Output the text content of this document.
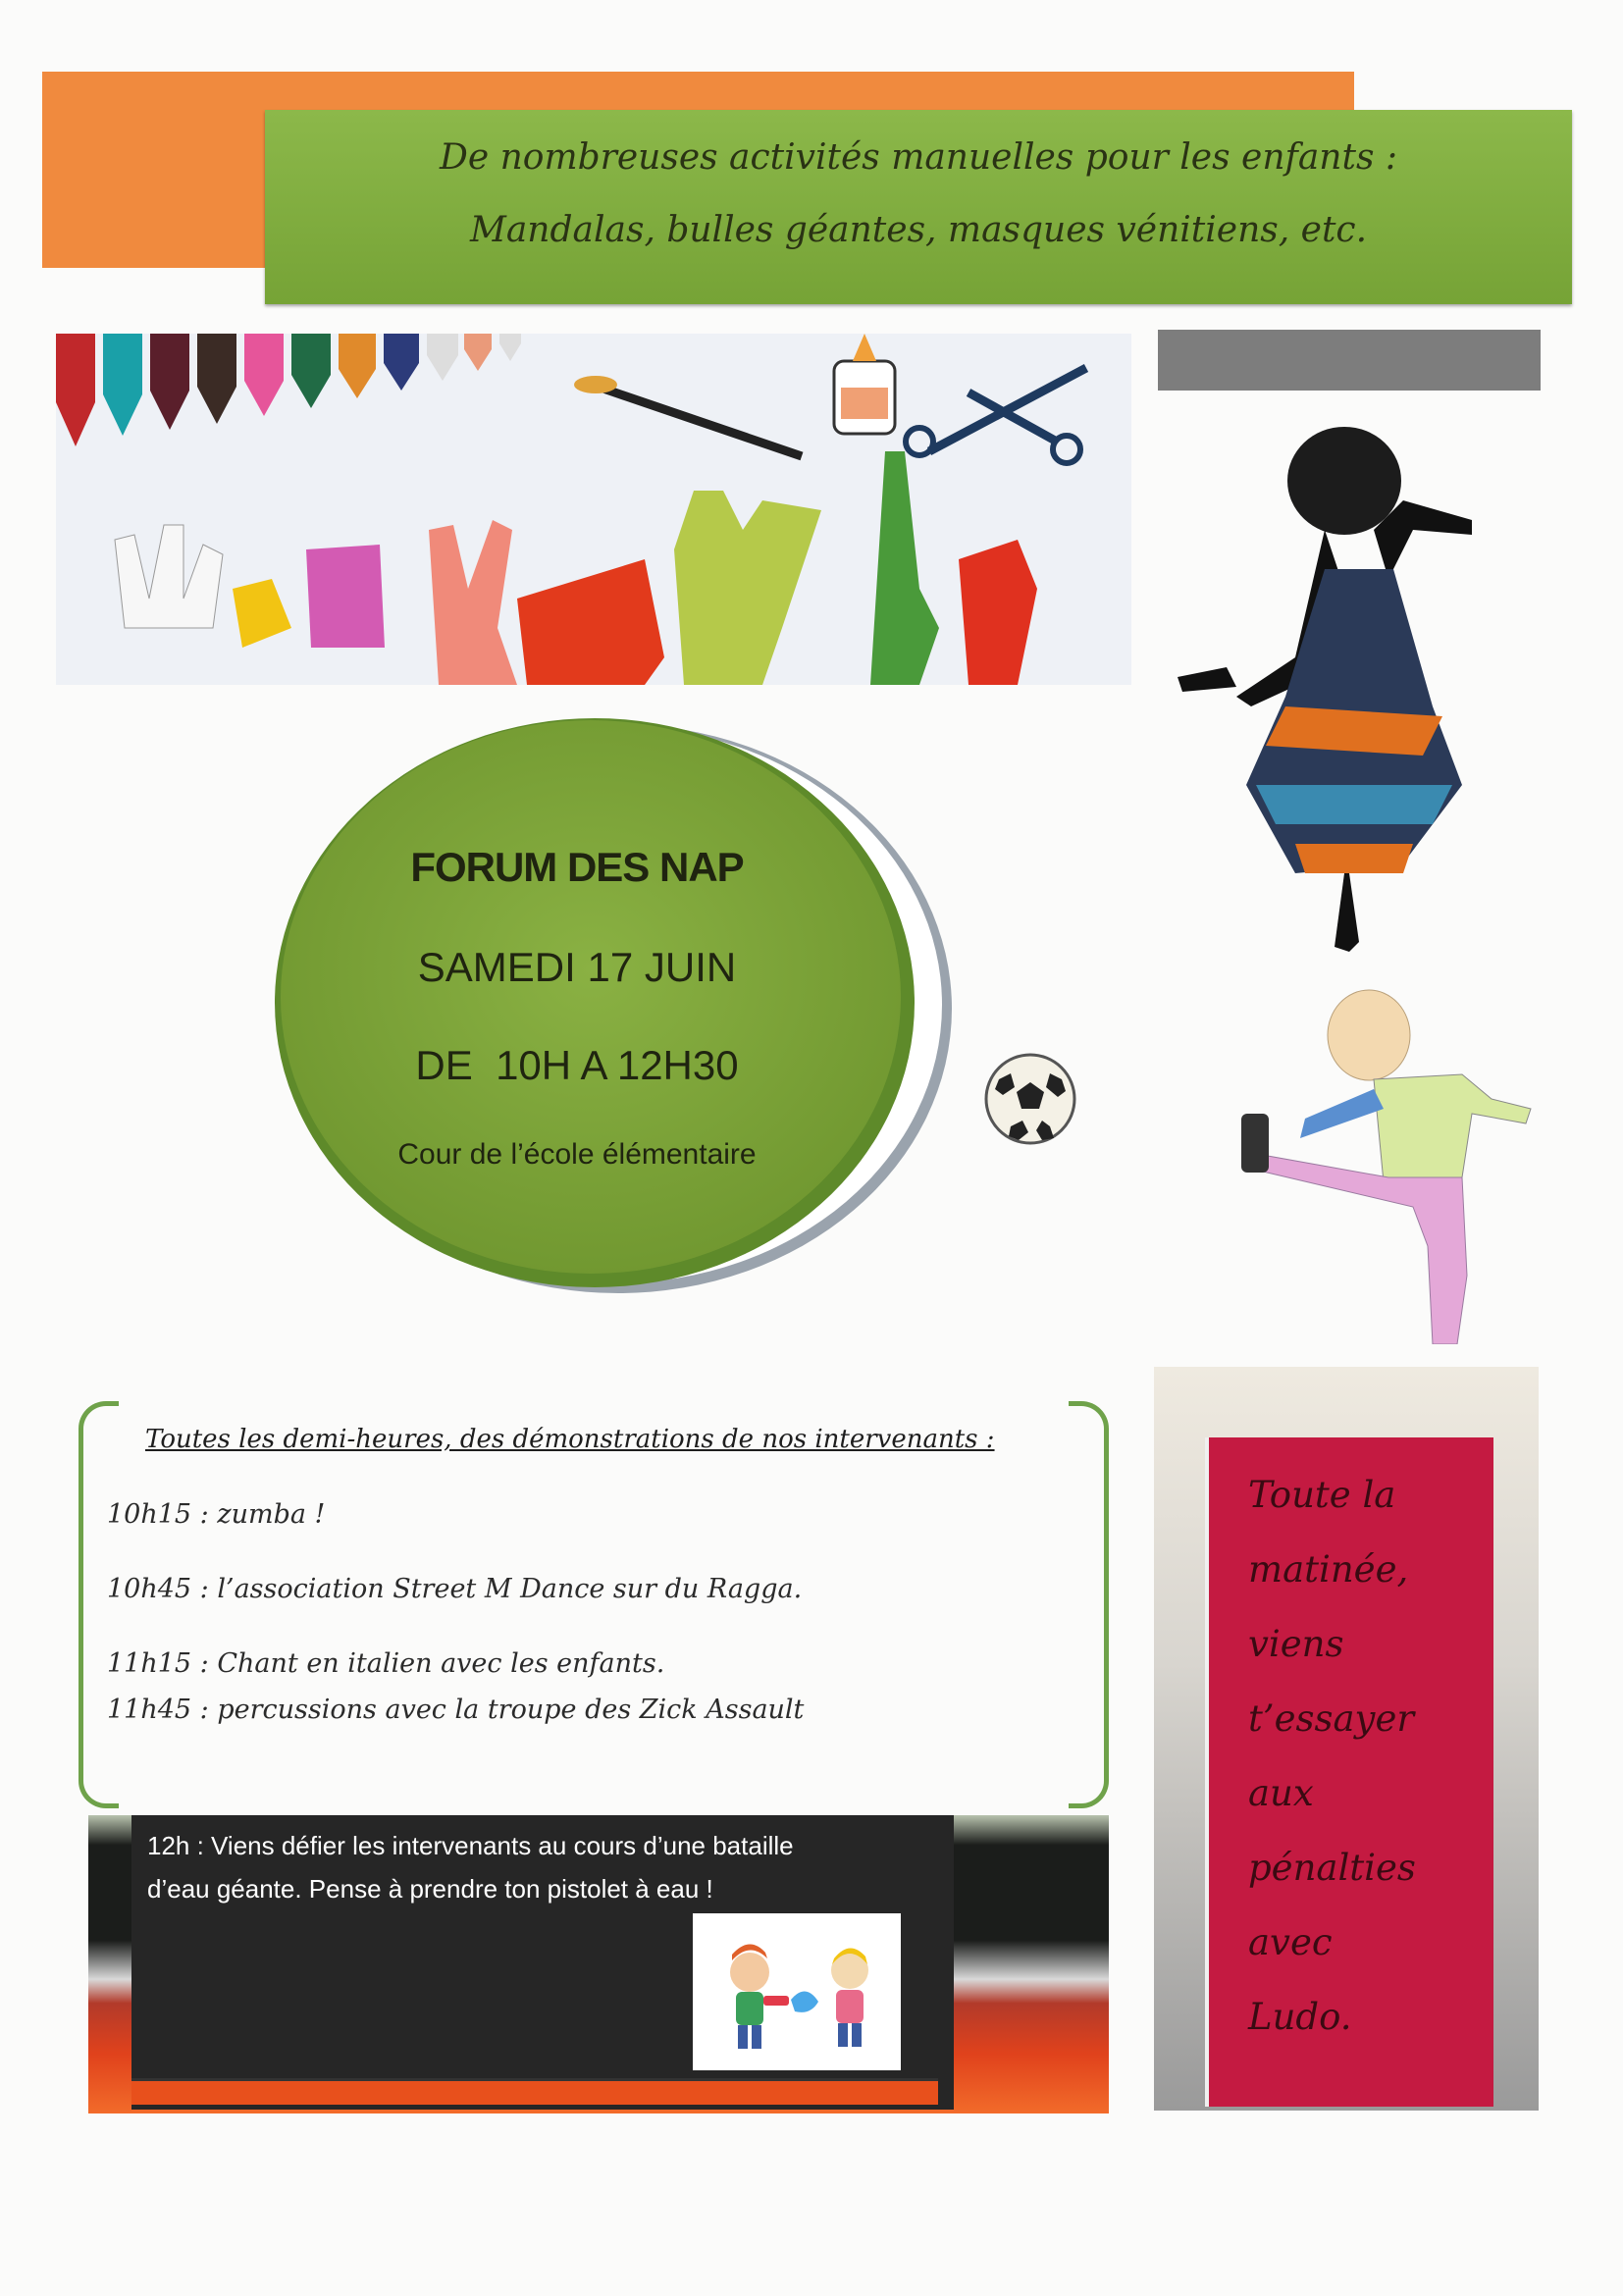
De nombreuses activités manuelles pour les enfants :
Mandalas, bulles géantes, masques vénitiens, etc.
FORUM DES NAP
SAMEDI 17 JUIN
DE  10H A 12H30
Cour de l’école élémentaire
Toutes les demi-heures, des démonstrations de nos intervenants :
10h15 : zumba !
10h45 : l’association Street M Dance sur du Ragga.
11h15 : Chant en italien avec les enfants.
11h45 : percussions avec la troupe des Zick Assault
12h : Viens défier les intervenants au cours d’une bataille
d’eau géante. Pense à prendre ton pistolet à eau !
Toute la
matinée,
viens
t’essayer
aux
pénalties
avec
Ludo.
